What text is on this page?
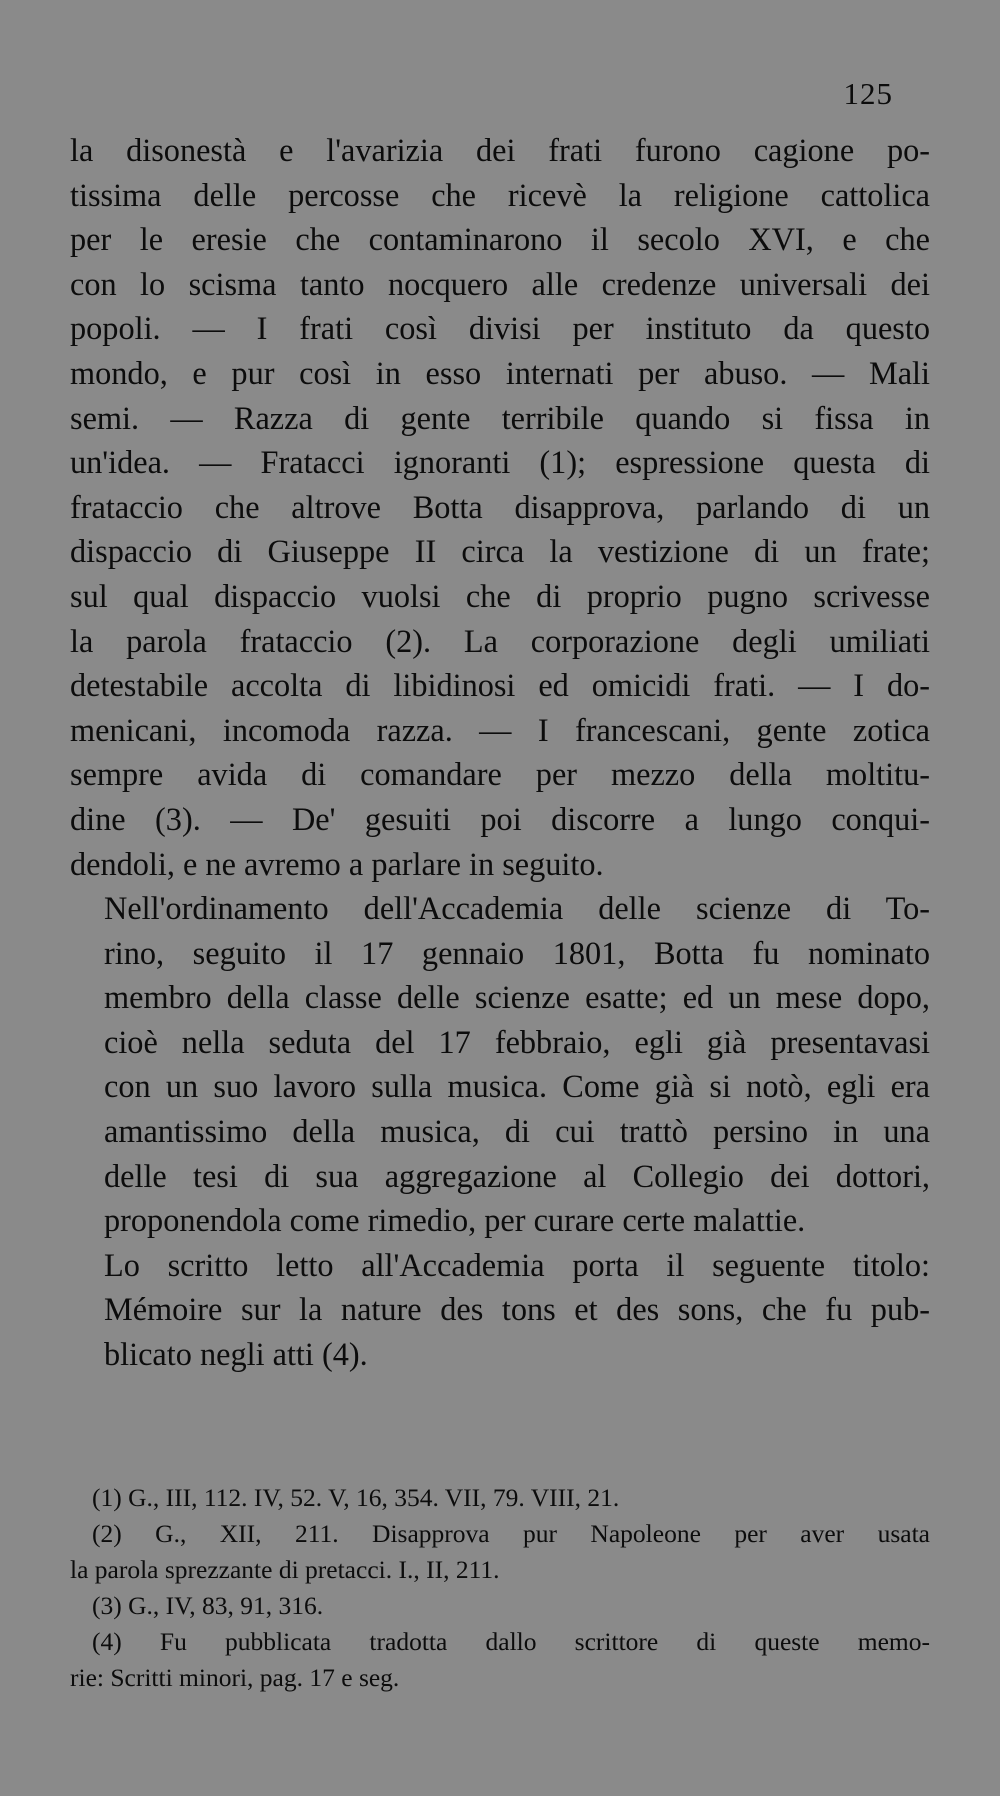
125

la disonestà e l'avarizia dei frati furono cagione po-
tissima delle percosse che ricevè la religione cattolica
per le eresie che contaminarono il secolo XVI, e che
con lo scisma tanto nocquero alle credenze universali dei
popoli. — I frati così divisi per instituto da questo
mondo, e pur così in esso internati per abuso. — Mali
semi. — Razza di gente terribile quando si fissa in
un'idea. — Fratacci ignoranti (1); espressione questa di
frataccio che altrove Botta disapprova, parlando di un
dispaccio di Giuseppe II circa la vestizione di un frate;
sul qual dispaccio vuolsi che di proprio pugno scrivesse
la parola frataccio (2). La corporazione degli umiliati
detestabile accolta di libidinosi ed omicidi frati. — I do-
menicani, incomoda razza. — I francescani, gente zotica
sempre avida di comandare per mezzo della moltitu-
dine (3). — De' gesuiti poi discorre a lungo conqui-
dendoli, e ne avremo a parlare in seguito.

Nell'ordinamento dell'Accademia delle scienze di To-
rino, seguito il 17 gennaio 1801, Botta fu nominato
membro della classe delle scienze esatte; ed un mese dopo,
cioè nella seduta del 17 febbraio, egli già presentavasi
con un suo lavoro sulla musica. Come già si notò, egli era
amantissimo della musica, di cui trattò persino in una
delle tesi di sua aggregazione al Collegio dei dottori,
proponendola come rimedio, per curare certe malattie.

Lo scritto letto all'Accademia porta il seguente titolo:
Mémoire sur la nature des tons et des sons, che fu pub-
blicato negli atti (4).

(1) G., III, 112. IV, 52. V, 16, 354. VII, 79. VIII, 21.

(2) G., XII, 211. Disapprova pur Napoleone per aver usata
la parola sprezzante di pretacci. I., II, 211.

(3) G., IV, 83, 91, 316.

(4) Fu pubblicata tradotta dallo scrittore di queste memo-
rie: Scritti minori, pag. 17 e seg.
